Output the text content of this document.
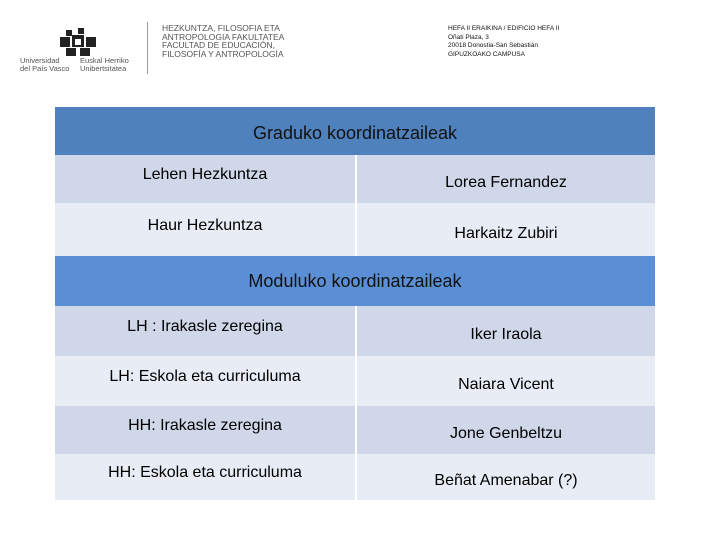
Universidad
del País Vasco
Euskal Herriko
Unibertsitatea
HEZKUNTZA, FILOSOFIA ETA ANTROPOLOGIA FAKULTATEA
FACULTAD DE EDUCACIÓN, FILOSOFÍA Y ANTROPOLOGÍA
HEFA II ERAIKINA / EDIFICIO HEFA II
Oñati Plaza, 3
20018 Donostia-San Sebastián
GIPUZKOAKO CAMPUSA
Graduko koordinatzaileak
Lehen Hezkuntza	Lorea Fernandez
Haur Hezkuntza	Harkaitz Zubiri
Moduluko koordinatzaileak
LH : Irakasle zeregina	Iker Iraola
LH: Eskola eta curriculuma	Naiara Vicent
HH: Irakasle zeregina	Jone Genbeltzu
HH: Eskola eta curriculuma	Beñat Amenabar (?)
